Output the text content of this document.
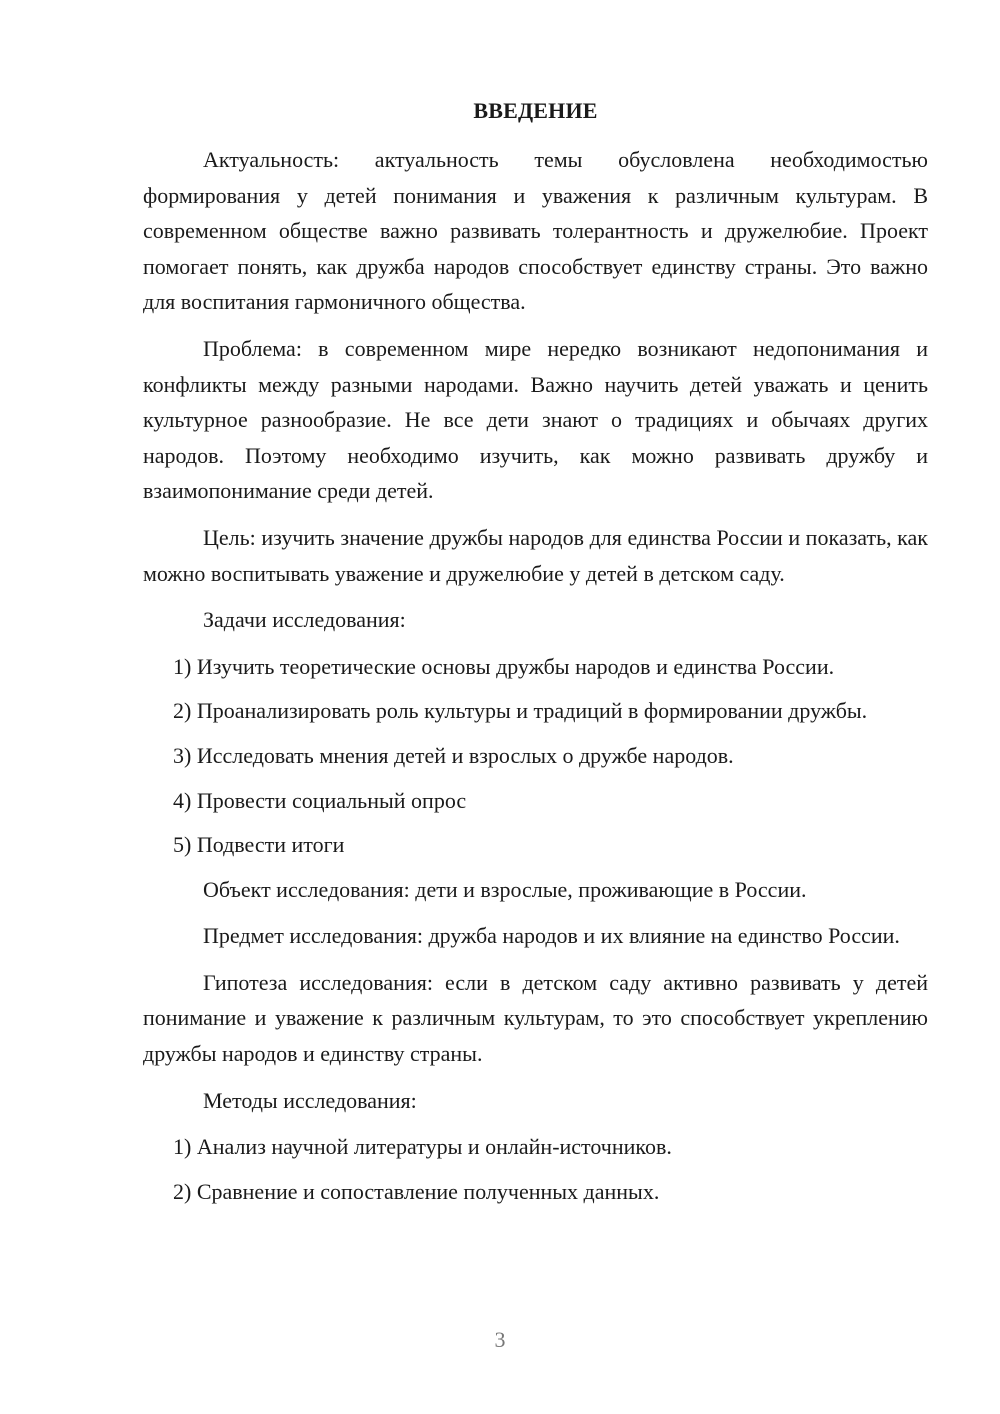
ВВЕДЕНИЕ

Актуальность: актуальность темы обусловлена необходимостью формирования у детей понимания и уважения к различным культурам. В современном обществе важно развивать толерантность и дружелюбие. Проект помогает понять, как дружба народов способствует единству страны. Это важно для воспитания гармоничного общества.

Проблема: в современном мире нередко возникают недопонимания и конфликты между разными народами. Важно научить детей уважать и ценить культурное разнообразие. Не все дети знают о традициях и обычаях других народов. Поэтому необходимо изучить, как можно развивать дружбу и взаимопонимание среди детей.

Цель: изучить значение дружбы народов для единства России и показать, как можно воспитывать уважение и дружелюбие у детей в детском саду.

Задачи исследования:

1) Изучить теоретические основы дружбы народов и единства России.

2) Проанализировать роль культуры и традиций в формировании дружбы.

3) Исследовать мнения детей и взрослых о дружбе народов.

4) Провести социальный опрос

5) Подвести итоги

Объект исследования: дети и взрослые, проживающие в России.

Предмет исследования: дружба народов и их влияние на единство России.

Гипотеза исследования: если в детском саду активно развивать у детей понимание и уважение к различным культурам, то это способствует укреплению дружбы народов и единству страны.

Методы исследования:

1) Анализ научной литературы и онлайн-источников.

2) Сравнение и сопоставление полученных данных.

3
